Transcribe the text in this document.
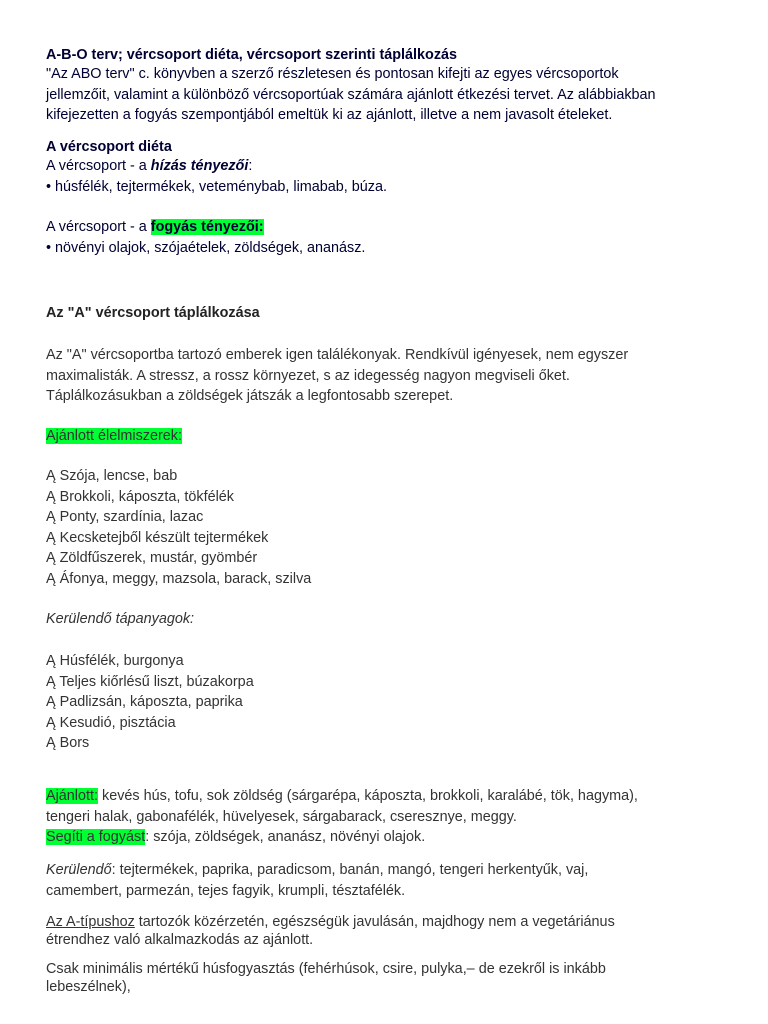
A-B-O terv; vércsoport diéta, vércsoport szerinti táplálkozás
"Az ABO terv" c. könyvben a szerző részletesen és pontosan kifejti az egyes vércsoportok
jellemzőit, valamint a különböző vércsoportúak számára ajánlott étkezési tervet. Az alábbiakban
kifejezetten a fogyás szempontjából emeltük ki az ajánlott, illetve a nem javasolt ételeket.
A vércsoport diéta
A vércsoport - a hízás tényezői:
• húsfélék, tejtermékek, veteménybab, limabab, búza.
A vércsoport - a fogyás tényezői:
• növényi olajok, szójaételek, zöldségek, ananász.
Az "A" vércsoport táplálkozása
Az "A" vércsoportba tartozó emberek igen találékonyak. Rendkívül igényesek, nem egyszer
maximalisták. A stressz, a rossz környezet, s az idegesség nagyon megviseli őket.
Táplálkozásukban a zöldségek játszák a legfontosabb szerepet.
Ajánlott élelmiszerek:
Ą Szója, lencse, bab
Ą Brokkoli, káposzta, tökfélék
Ą Ponty, szardínia, lazac
Ą Kecsketejből készült tejtermékek
Ą Zöldfűszerek, mustár, gyömbér
Ą Áfonya, meggy, mazsola, barack, szilva
Kerülendő tápanyagok:
Ą Húsfélék, burgonya
Ą Teljes kiőrlésű liszt, búzakorpa
Ą Padlizsán, káposzta, paprika
Ą Kesudió, pisztácia
Ą Bors
Ajánlott: kevés hús, tofu, sok zöldség (sárgarépa, káposzta, brokkoli, karalábé, tök, hagyma),
tengeri halak, gabonafélék, hüvelyesek, sárgabarack, cseresznye, meggy.
Segíti a fogyást: szója, zöldségek, ananász, növényi olajok.
Kerülendő: tejtermékek, paprika, paradicsom, banán, mangó, tengeri herkentyűk, vaj,
camembert, parmezán, tejes fagyik, krumpli, tésztafélék.
Az A-típushoz tartozók közérzetén, egészségük javulásán, majdhogy nem a vegetáriánus
étrendhez való alkalmazkodás az ajánlott.
Csak minimális mértékű húsfogyasztás (fehérhúsok, csire, pulyka,– de ezekről is inkább
lebeszélnek),
